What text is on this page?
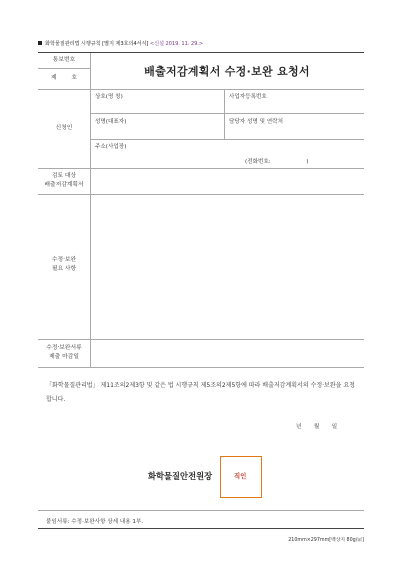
화학물질관리법 시행규칙 [별지 제3호의4서식] <신설 2019. 11. 29.>
통보번호
제        호	배출저감계획서 수정·보완 요청서
신청인
상호(명 칭)	사업자등록번호
성명(대표자)	담당자 성명 및 연락처
주소(사업장)
(전화번호:                    )
검토 대상
배출저감계획서
수정·보완
필요 사항
수정·보완서류
제출 마감일
「화학물질관리법」 제11조의2제3항 및 같은 법 시행규칙 제5조의2제5항에 따라 배출저감계획서의 수정·보완을 요청합니다.
년       월       일
화학물질안전원장	직인
붙임서류: 수정·보완사항 상세 내용 1부.
210mm×297mm[백상지 80g/㎡]
